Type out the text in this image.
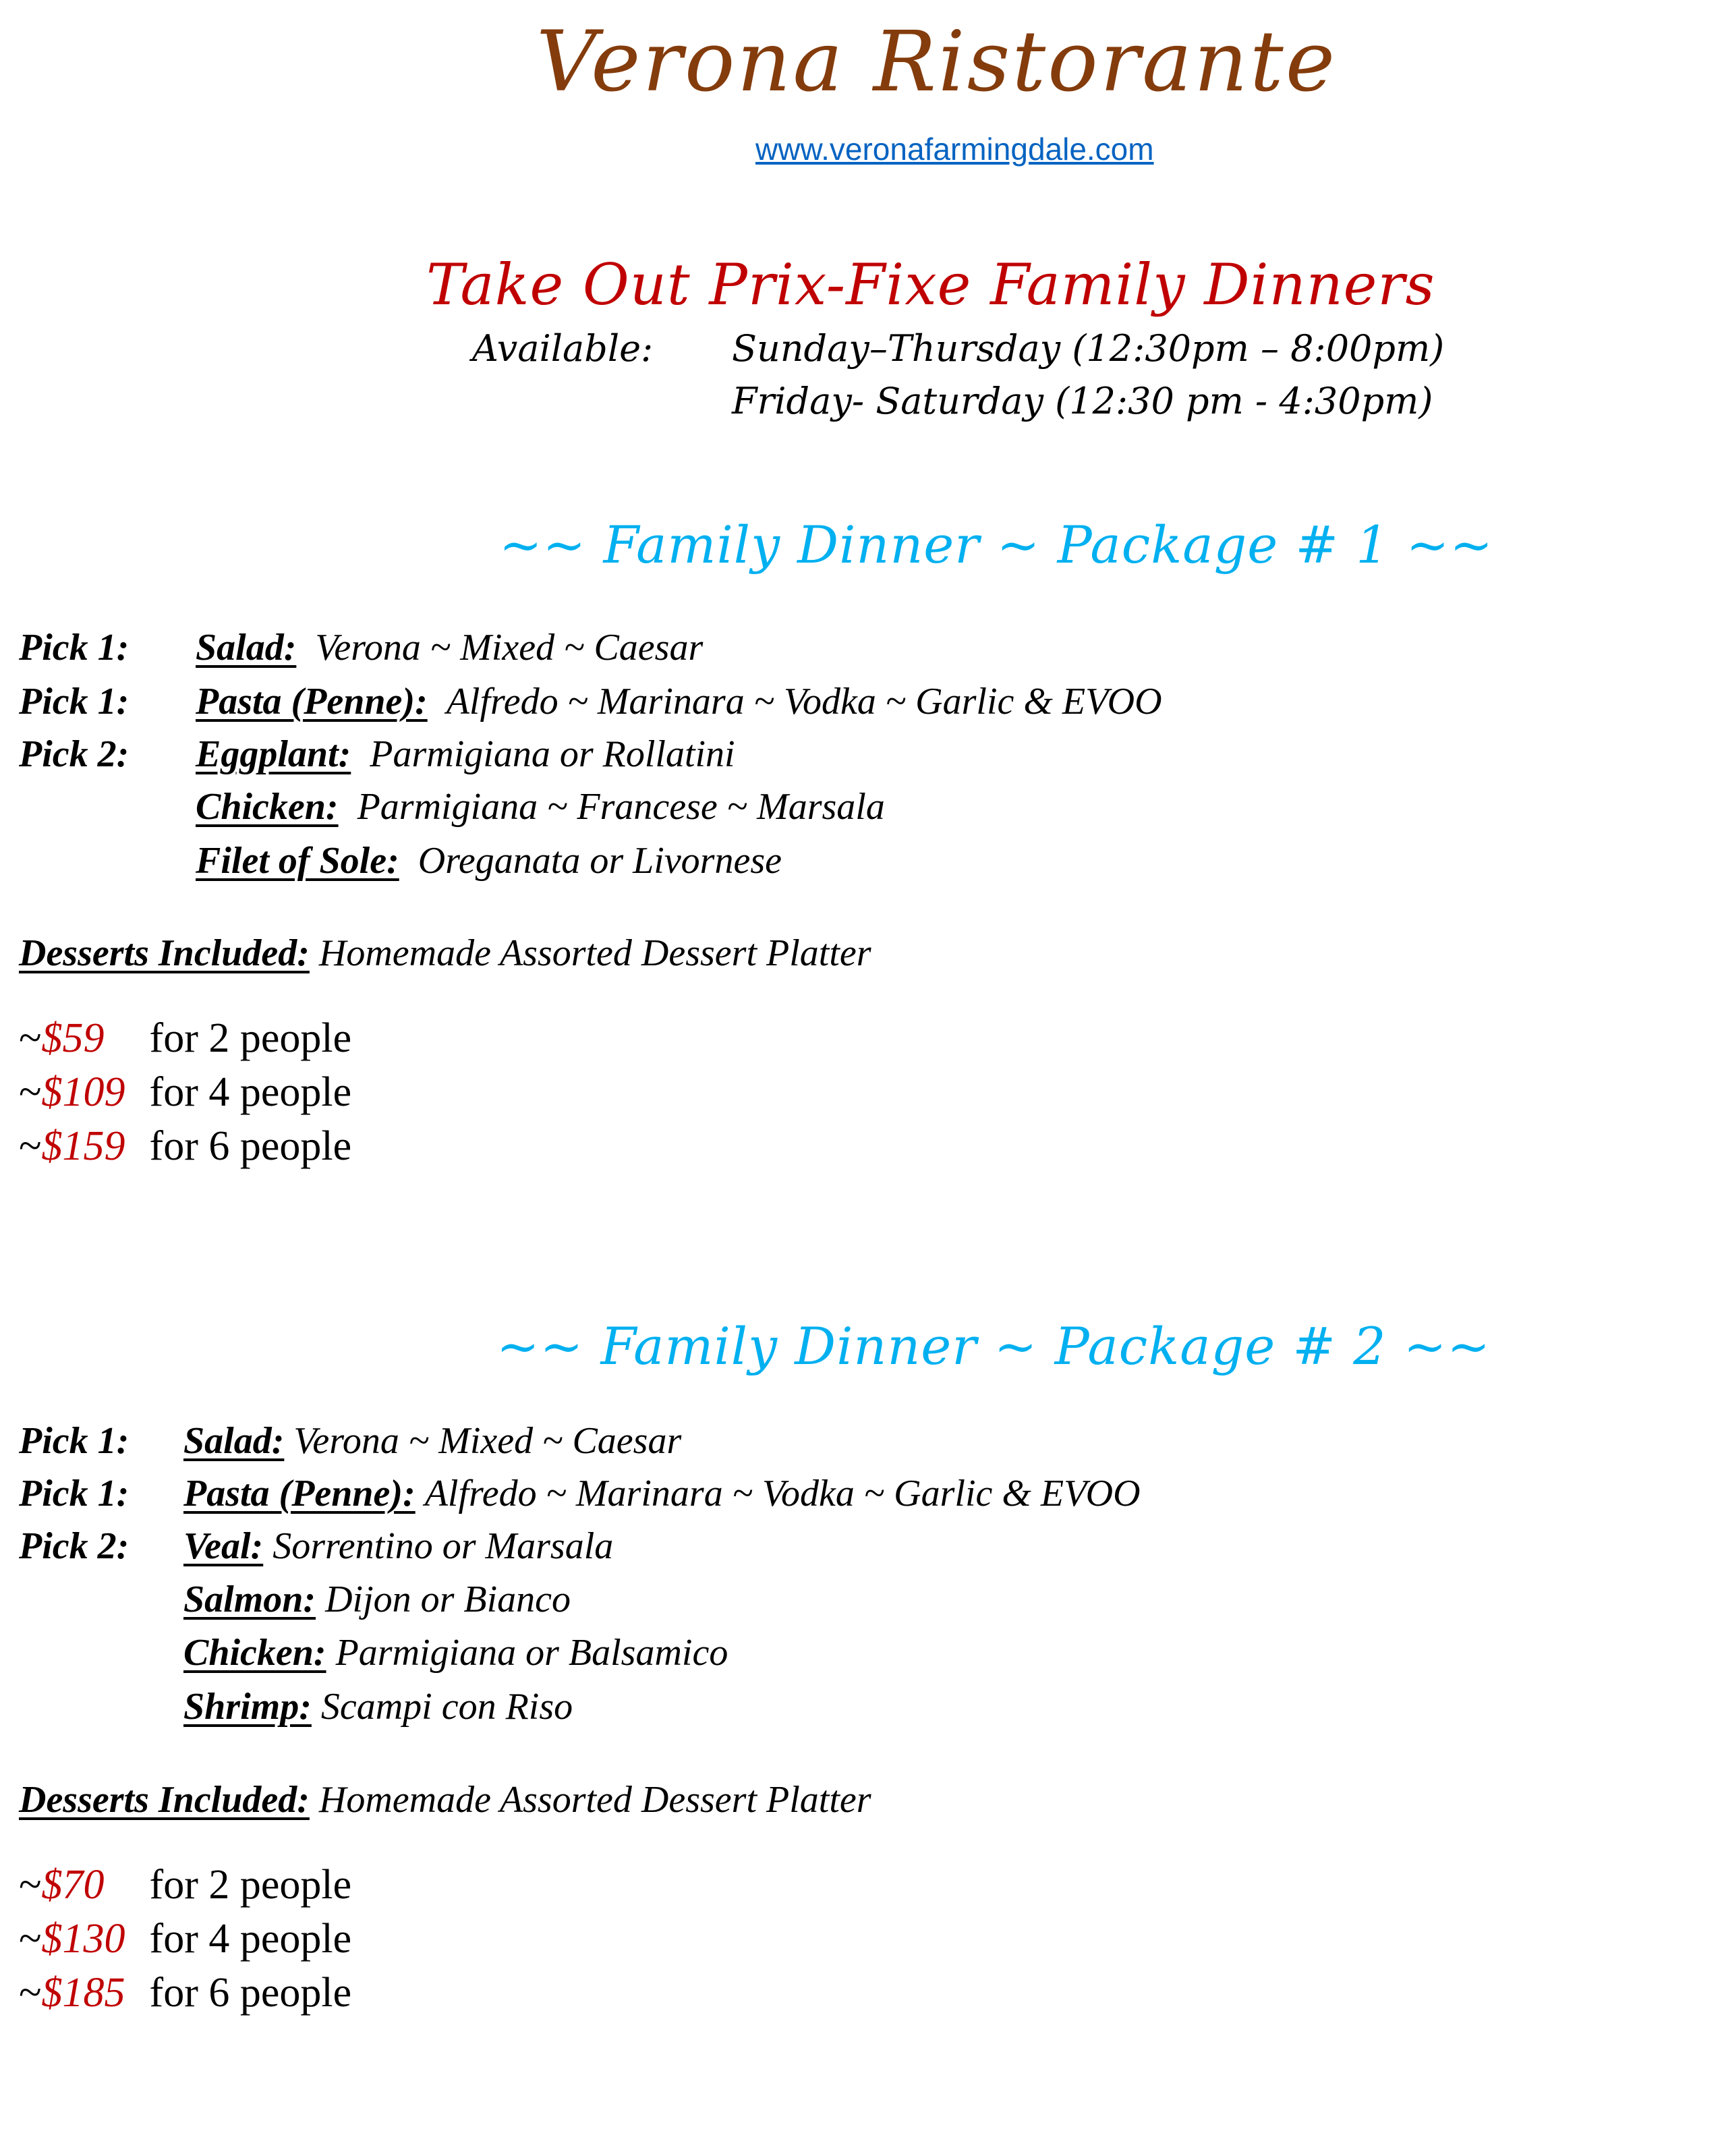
Verona Ristorante
www.veronafarmingdale.com
Take Out Prix-Fixe Family Dinners
Available: Sunday–Thursday (12:30pm – 8:00pm)
Friday- Saturday (12:30 pm - 4:30pm)
~~ Family Dinner ~ Package # 1 ~~
Pick 1: Salad: Verona ~ Mixed ~ Caesar
Pick 1: Pasta (Penne): Alfredo ~ Marinara ~ Vodka ~ Garlic & EVOO
Pick 2: Eggplant: Parmigiana or Rollatini
Chicken: Parmigiana ~ Francese ~ Marsala
Filet of Sole: Oreganata or Livornese
Desserts Included: Homemade Assorted Dessert Platter
~$59 for 2 people
~$109 for 4 people
~$159 for 6 people
~~ Family Dinner ~ Package # 2 ~~
Pick 1: Salad: Verona ~ Mixed ~ Caesar
Pick 1: Pasta (Penne): Alfredo ~ Marinara ~ Vodka ~ Garlic & EVOO
Pick 2: Veal: Sorrentino or Marsala
Salmon: Dijon or Bianco
Chicken: Parmigiana or Balsamico
Shrimp: Scampi con Riso
Desserts Included: Homemade Assorted Dessert Platter
~$70 for 2 people
~$130 for 4 people
~$185 for 6 people
